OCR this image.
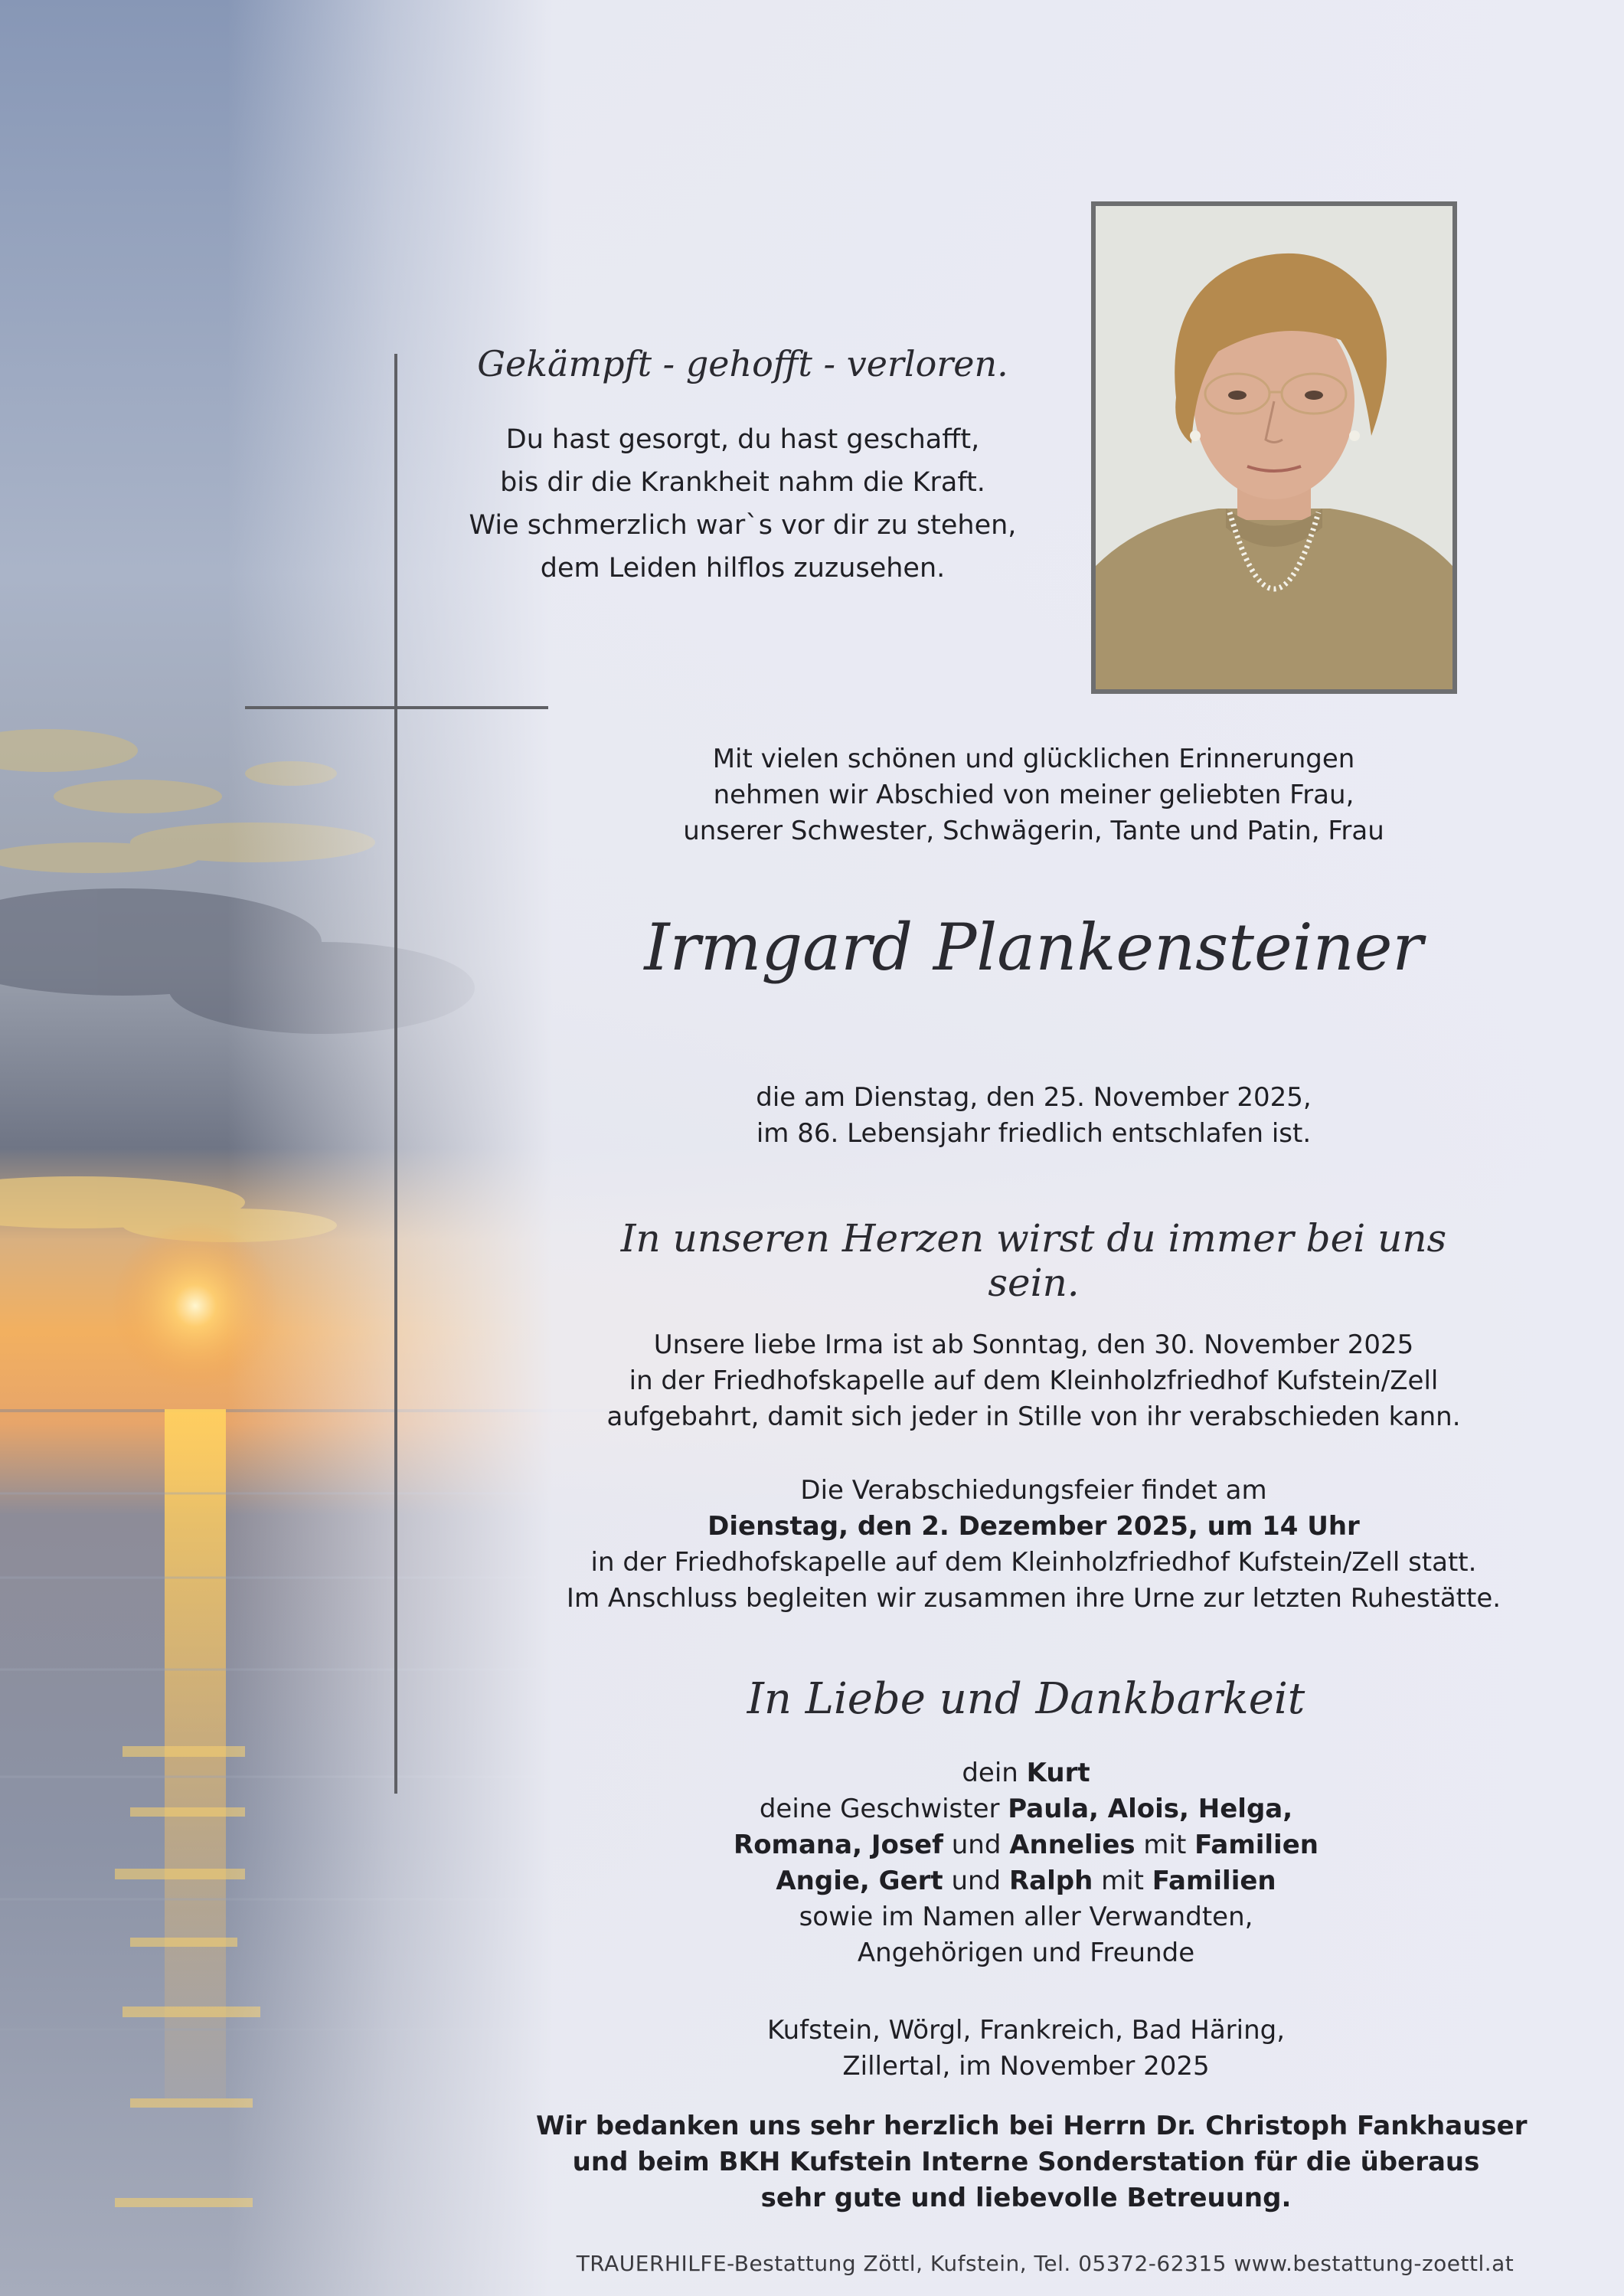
Gekämpft - gehofft - verloren.
Du hast gesorgt, du hast geschafft,
bis dir die Krankheit nahm die Kraft.
Wie schmerzlich war`s vor dir zu stehen,
dem Leiden hilflos zuzusehen.
Mit vielen schönen und glücklichen Erinnerungen
nehmen wir Abschied von meiner geliebten Frau,
unserer Schwester, Schwägerin, Tante und Patin, Frau
Irmgard Plankensteiner
die am Dienstag, den 25. November 2025,
im 86. Lebensjahr friedlich entschlafen ist.
In unseren Herzen wirst du immer bei uns sein.
Unsere liebe Irma ist ab Sonntag, den 30. November 2025
in der Friedhofskapelle auf dem Kleinholzfriedhof Kufstein/Zell
aufgebahrt, damit sich jeder in Stille von ihr verabschieden kann.
Die Verabschiedungsfeier findet am
Dienstag, den 2. Dezember 2025, um 14 Uhr
in der Friedhofskapelle auf dem Kleinholzfriedhof Kufstein/Zell statt.
Im Anschluss begleiten wir zusammen ihre Urne zur letzten Ruhestätte.
In Liebe und Dankbarkeit
dein Kurt
deine Geschwister Paula, Alois, Helga,
Romana, Josef und Annelies mit Familien
Angie, Gert und Ralph mit Familien
sowie im Namen aller Verwandten,
Angehörigen und Freunde
Kufstein, Wörgl, Frankreich, Bad Häring,
Zillertal, im November 2025
Wir bedanken uns sehr herzlich bei Herrn Dr. Christoph Fankhauser
und beim BKH Kufstein Interne Sonderstation für die überaus
sehr gute und liebevolle Betreuung.
TRAUERHILFE-Bestattung Zöttl, Kufstein, Tel. 05372-62315 www.bestattung-zoettl.at
